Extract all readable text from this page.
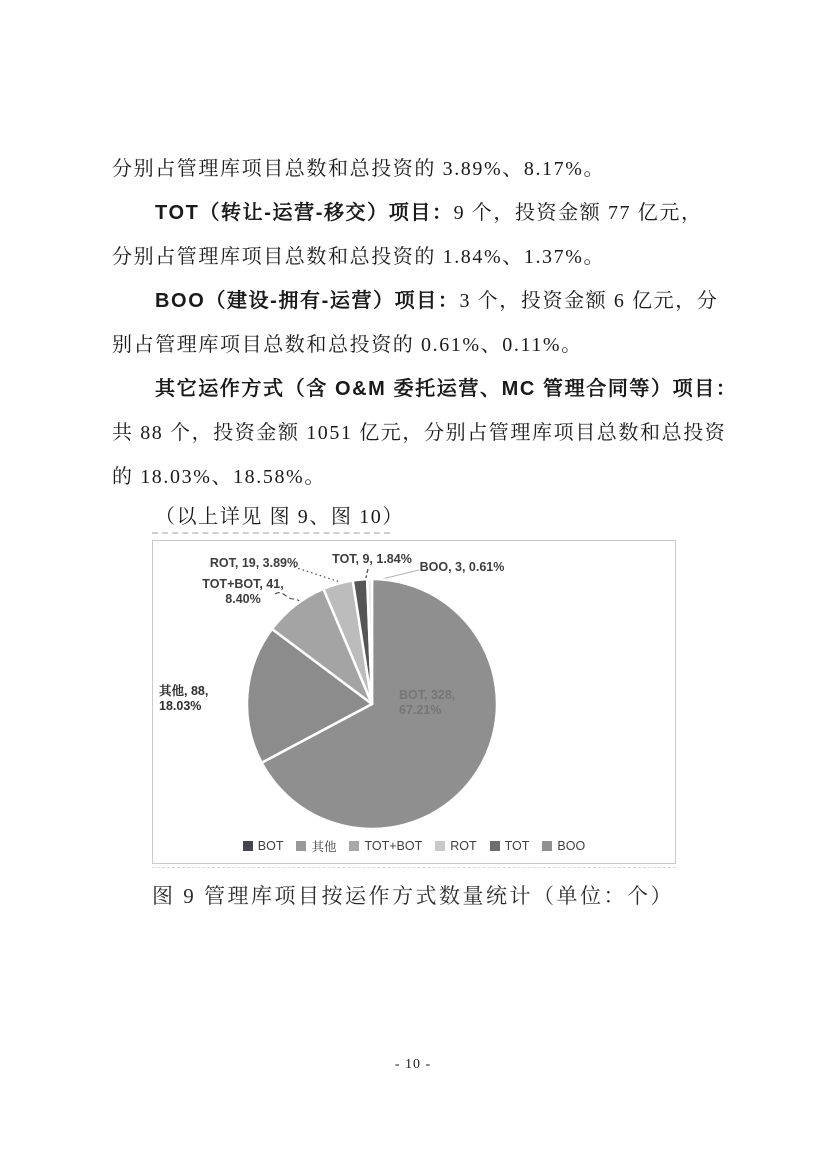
分别占管理库项目总数和总投资的 3.89%、8.17%。
TOT（转让-运营-移交）项目：9 个，投资金额 77 亿元，
分别占管理库项目总数和总投资的 1.84%、1.37%。
BOO（建设-拥有-运营）项目：3 个，投资金额 6 亿元，分
别占管理库项目总数和总投资的 0.61%、0.11%。
其它运作方式（含 O&M 委托运营、MC 管理合同等）项目：
共 88 个，投资金额 1051 亿元，分别占管理库项目总数和总投资
的 18.03%、18.58%。
（以上详见 图 9、图 10）
BOT, 328, 67.21%
其他, 88, 18.03%
TOT+BOT, 41, 8.40%
ROT, 19, 3.89%	TOT, 9, 1.84%
BOO, 3, 0.61%
BOT 其他 TOT+BOT ROT TOT BOO
图 9 管理库项目按运作方式数量统计（单位：个）
- 10 -
